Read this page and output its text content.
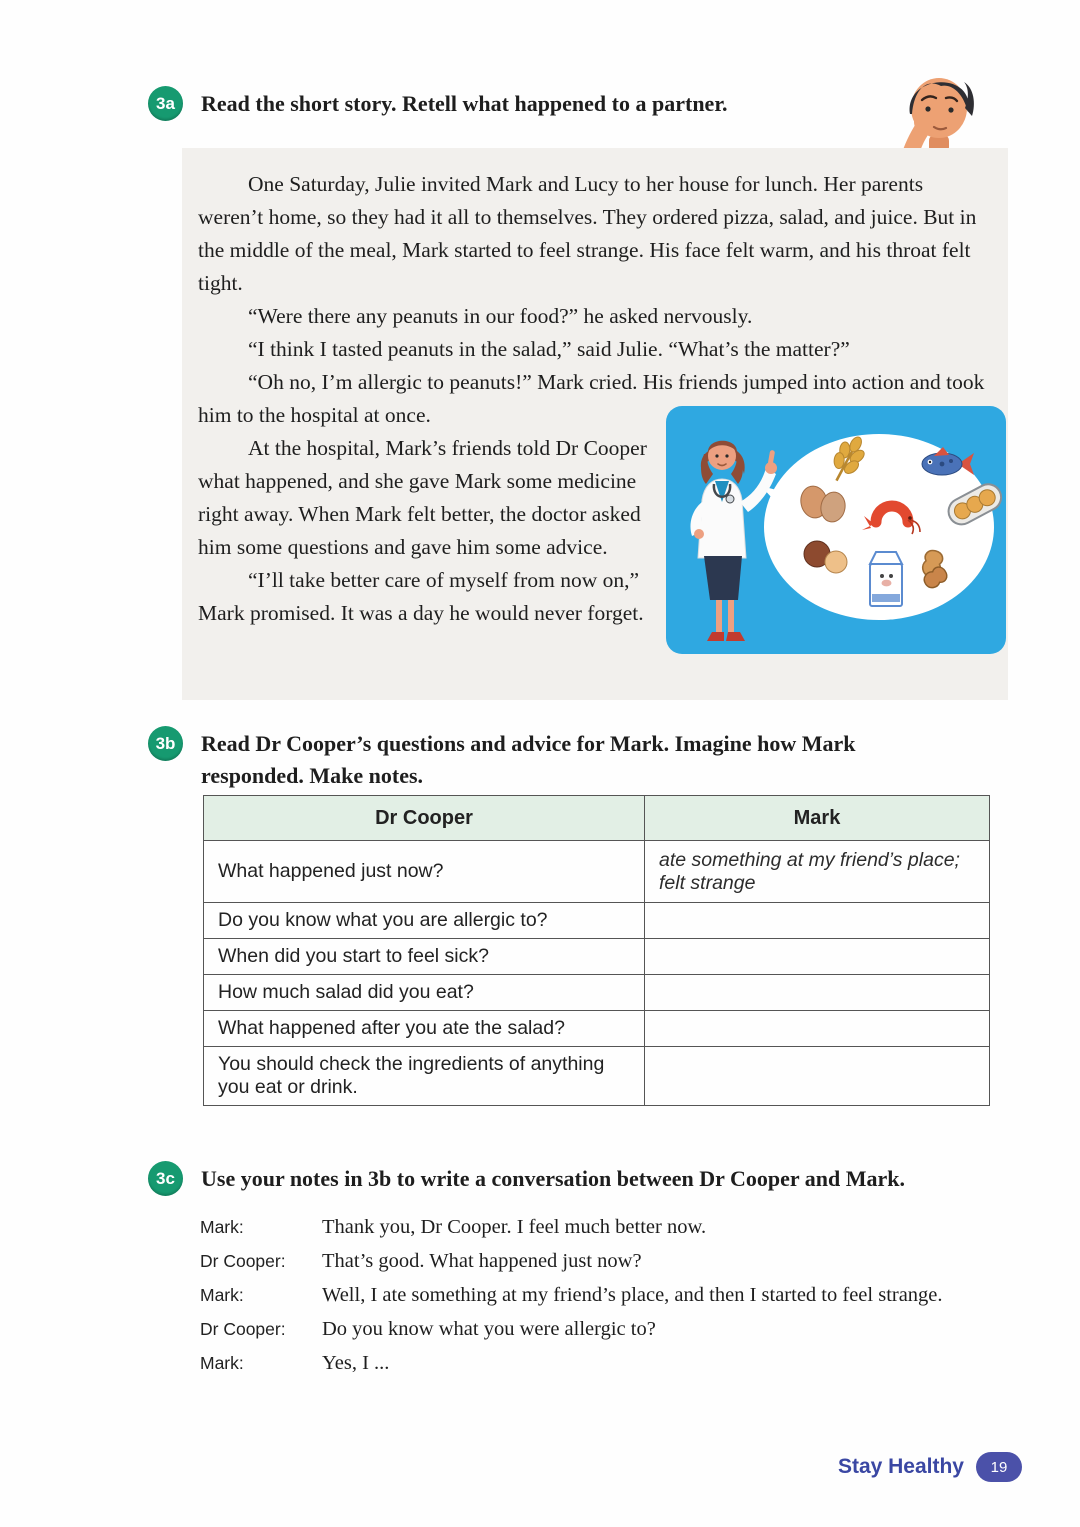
3a	Read the short story. Retell what happened to a partner.

One Saturday, Julie invited Mark and Lucy to her house for lunch. Her parents weren’t home, so they had it all to themselves. They ordered pizza, salad, and juice. But in the middle of the meal, Mark started to feel strange. His face felt warm, and his throat felt tight.

“Were there any peanuts in our food?” he asked nervously.

“I think I tasted peanuts in the salad,” said Julie. “What’s the matter?”

“Oh no, I’m allergic to peanuts!” Mark cried. His friends jumped into action and took him to the hospital at once.

At the hospital, Mark’s friends told Dr Cooper what happened, and she gave Mark some medicine right away. When Mark felt better, the doctor asked him some questions and gave him some advice.

“I’ll take better care of myself from now on,” Mark promised. It was a day he would never forget.

3b	Read Dr Cooper’s questions and advice for Mark. Imagine how Mark responded. Make notes.
Dr Cooper	Mark
What happened just now?	ate something at my friend’s place; felt strange
Do you know what you are allergic to?	
When did you start to feel sick?	
How much salad did you eat?	
What happened after you ate the salad?	
You should check the ingredients of anything you eat or drink.	
3c	Use your notes in 3b to write a conversation between Dr Cooper and Mark.
Mark:	Thank you, Dr Cooper. I feel much better now.
Dr Cooper:	That’s good. What happened just now?
Mark:	Well, I ate something at my friend’s place, and then I started to feel strange.
Dr Cooper:	Do you know what you were allergic to?
Mark:	Yes, I ...
Stay Healthy	19
